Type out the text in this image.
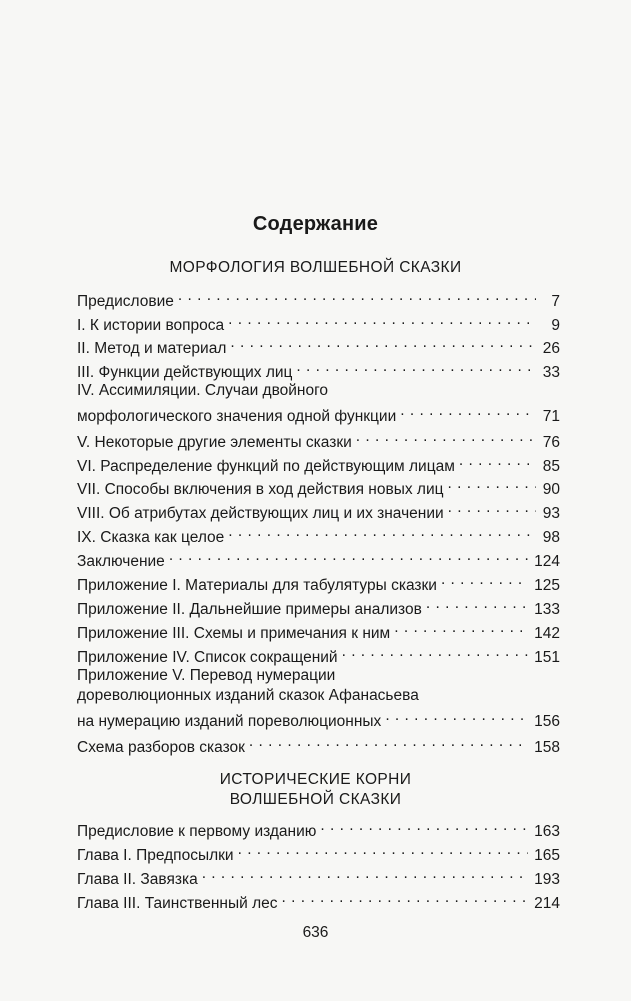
Содержание
МОРФОЛОГИЯ ВОЛШЕБНОЙ СКАЗКИ
Предисловие . . .	7
I. К истории вопроса . . .	9
II. Метод и материал . . .	26
III. Функции действующих лиц . . .	33
IV. Ассимиляции. Случаи двойного
морфологического значения одной функции . . .	71
V. Некоторые другие элементы сказки . . .	76
VI. Распределение функций по действующим лицам . . .	85
VII. Способы включения в ход действия новых лиц . . .	90
VIII. Об атрибутах действующих лиц и их значении . . .	93
IX. Сказка как целое . . .	98
Заключение . . .	124
Приложение I. Материалы для табулятуры сказки . . .	125
Приложение II. Дальнейшие примеры анализов . . .	133
Приложение III. Схемы и примечания к ним . . .	142
Приложение IV. Список сокращений . . .	151
Приложение V. Перевод нумерации
дореволюционных изданий сказок Афанасьева
на нумерацию изданий пореволюционных . . .	156
Схема разборов сказок . . .	158
ИСТОРИЧЕСКИЕ КОРНИ
ВОЛШЕБНОЙ СКАЗКИ
Предисловие к первому изданию . . .	163
Глава I. Предпосылки . . .	165
Глава II. Завязка . . .	193
Глава III. Таинственный лес . . .	214
636
